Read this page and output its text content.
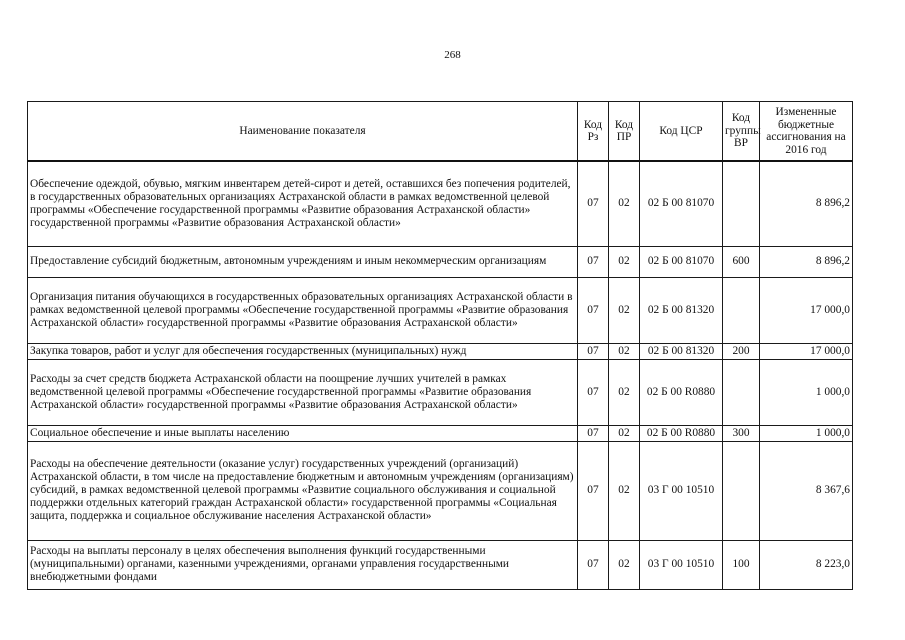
268
Наименование показателя	Код Рз	Код ПР	Код ЦСР	Код группы ВР	Измененные бюджетные ассигнования на 2016 год
Обеспечение одеждой, обувью, мягким инвентарем детей-сирот и детей, оставшихся без попечения родителей, в государственных образовательных организациях Астраханской области в рамках ведомственной целевой программы «Обеспечение государственной программы «Развитие образования Астраханской области» государственной программы «Развитие образования Астраханской области»	07	02	02 Б 00 81070		8 896,2
Предоставление субсидий бюджетным, автономным учреждениям и иным некоммерческим организациям	07	02	02 Б 00 81070	600	8 896,2
Организация питания обучающихся в государственных образовательных организациях Астраханской области в рамках ведомственной целевой программы «Обеспечение государственной программы «Развитие образования Астраханской области» государственной программы «Развитие образования Астраханской области»	07	02	02 Б 00 81320		17 000,0
Закупка товаров, работ и услуг для обеспечения государственных (муниципальных) нужд	07	02	02 Б 00 81320	200	17 000,0
Расходы за счет средств бюджета Астраханской области на поощрение лучших учителей в рамках ведомственной целевой программы «Обеспечение государственной программы «Развитие образования Астраханской области» государственной программы «Развитие образования Астраханской области»	07	02	02 Б 00 R0880		1 000,0
Социальное обеспечение и иные выплаты населению	07	02	02 Б 00 R0880	300	1 000,0
Расходы на обеспечение деятельности (оказание услуг) государственных учреждений (организаций) Астраханской области, в том числе на предоставление бюджетным и автономным учреждениям (организациям) субсидий, в рамках ведомственной целевой программы «Развитие социального обслуживания и социальной поддержки отдельных категорий граждан Астраханской области» государственной программы «Социальная защита, поддержка и социальное обслуживание населения Астраханской области»	07	02	03 Г 00 10510		8 367,6
Расходы на выплаты персоналу в целях обеспечения выполнения функций государственными (муниципальными) органами, казенными учреждениями, органами управления государственными внебюджетными фондами	07	02	03 Г 00 10510	100	8 223,0
